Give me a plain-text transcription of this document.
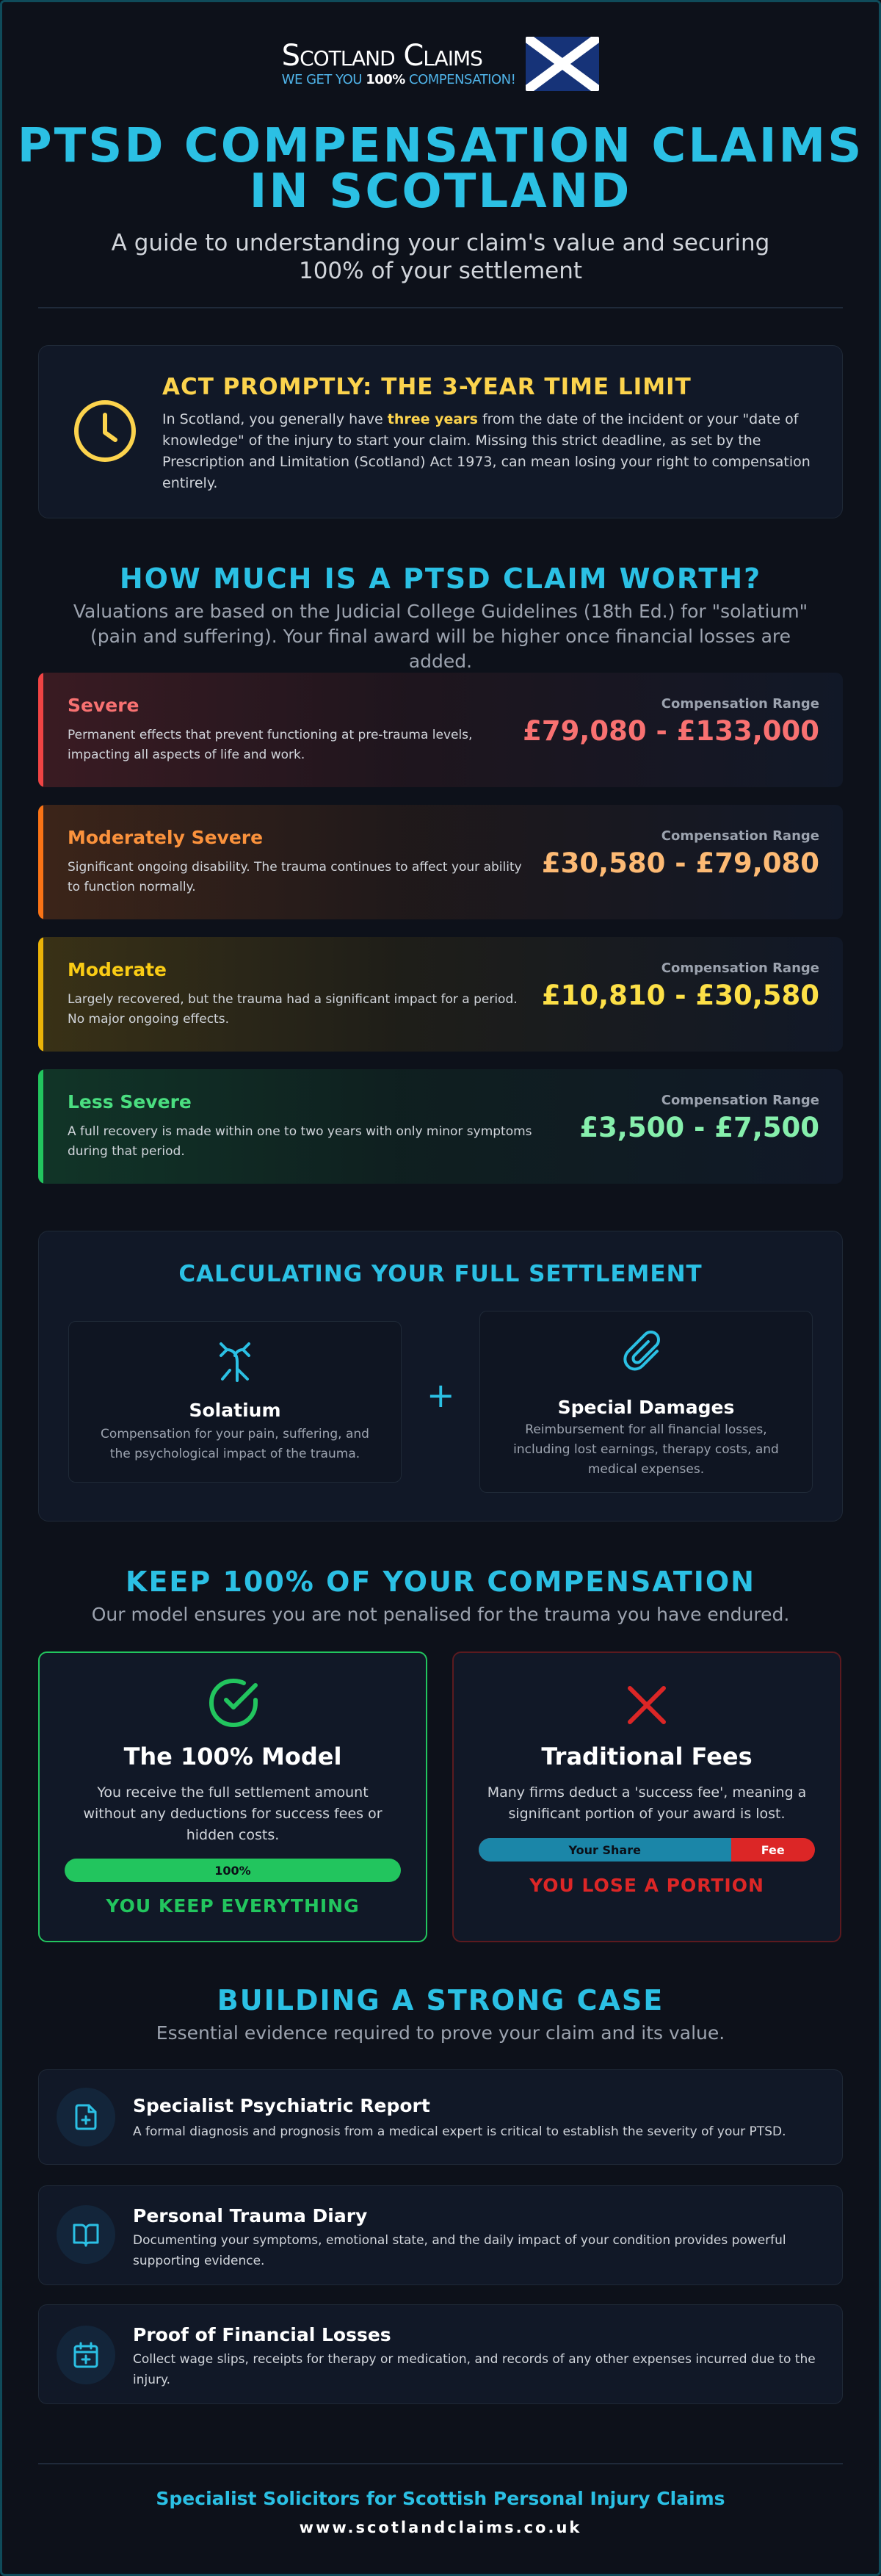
Scotland Claims
WE GET YOU 100% COMPENSATION!
PTSD COMPENSATION CLAIMS IN SCOTLAND

A guide to understanding your claim's value and securing 100% of your settlement

ACT PROMPTLY: THE 3-YEAR TIME LIMIT
In Scotland, you generally have three years from the date of the incident or your "date of knowledge" of the injury to start your claim. Missing this strict deadline, as set by the Prescription and Limitation (Scotland) Act 1973, can mean losing your right to compensation entirely.
HOW MUCH IS A PTSD CLAIM WORTH?

Valuations are based on the Judicial College Guidelines (18th Ed.) for "solatium" (pain and suffering). Your final award will be higher once financial losses are added.

Severe
Permanent effects that prevent functioning at pre-trauma levels, impacting all aspects of life and work.
Compensation Range
£79,080 - £133,000
Moderately Severe
Significant ongoing disability. The trauma continues to affect your ability to function normally.
Compensation Range
£30,580 - £79,080
Moderate
Largely recovered, but the trauma had a significant impact for a period. No major ongoing effects.
Compensation Range
£10,810 - £30,580
Less Severe
A full recovery is made within one to two years with only minor symptoms during that period.
Compensation Range
£3,500 - £7,500
CALCULATING YOUR FULL SETTLEMENT
Solatium
Compensation for your pain, suffering, and the psychological impact of the trauma.
+	Special Damages
Reimbursement for all financial losses, including lost earnings, therapy costs, and medical expenses.
KEEP 100% OF YOUR COMPENSATION

Our model ensures you are not penalised for the trauma you have endured.

The 100% Model
You receive the full settlement amount without any deductions for success fees or hidden costs.
100%
YOU KEEP EVERYTHING
Traditional Fees
Many firms deduct a 'success fee', meaning a significant portion of your award is lost.
Your Share	Fee
YOU LOSE A PORTION
BUILDING A STRONG CASE

Essential evidence required to prove your claim and its value.

Specialist Psychiatric Report
A formal diagnosis and prognosis from a medical expert is critical to establish the severity of your PTSD.
Personal Trauma Diary
Documenting your symptoms, emotional state, and the daily impact of your condition provides powerful supporting evidence.
Proof of Financial Losses
Collect wage slips, receipts for therapy or medication, and records of any other expenses incurred due to the injury.
Specialist Solicitors for Scottish Personal Injury Claims
www.scotlandclaims.co.uk
